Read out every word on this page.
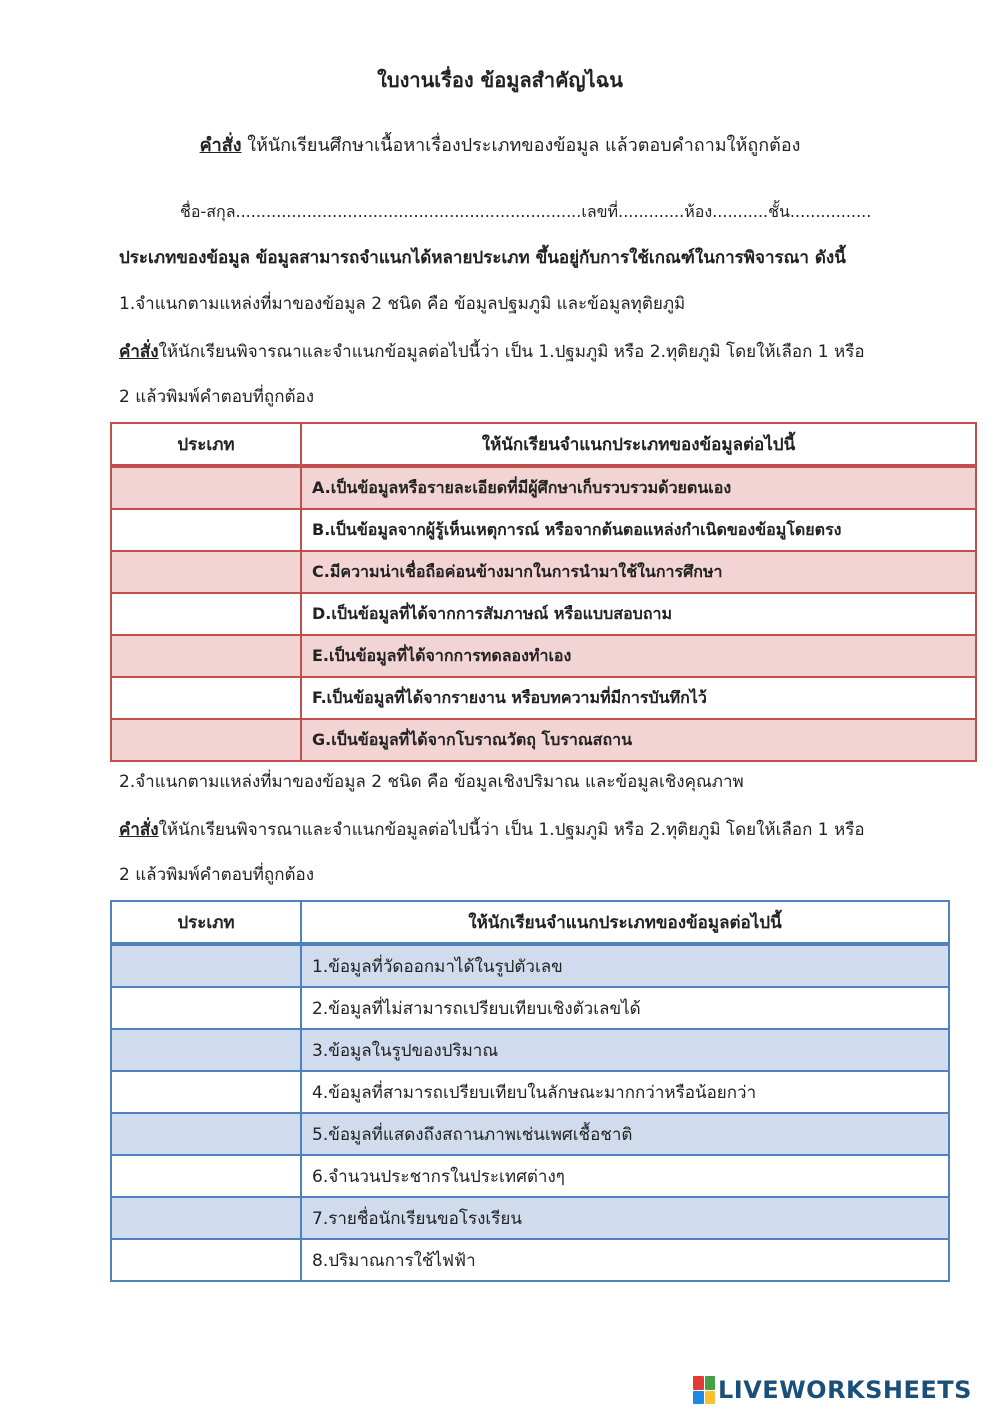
ใบงานเรื่อง ข้อมูลสำคัญไฉน
คำสั่ง ให้นักเรียนศึกษาเนื้อหาเรื่องประเภทของข้อมูล แล้วตอบคำถามให้ถูกต้อง
ชื่อ-สกุล....................................................................เลขที่.............ห้อง...........ชั้น................
ประเภทของข้อมูล ข้อมูลสามารถจำแนกได้หลายประเภท ขึ้นอยู่กับการใช้เกณฑ์ในการพิจารณา ดังนี้
1.จำแนกตามแหล่งที่มาของข้อมูล 2 ชนิด คือ ข้อมูลปฐมภูมิ และข้อมูลทุติยภูมิ
คำสั่งให้นักเรียนพิจารณาและจำแนกข้อมูลต่อไปนี้ว่า เป็น 1.ปฐมภูมิ หรือ 2.ทุติยภูมิ โดยให้เลือก 1 หรือ
2 แล้วพิมพ์คำตอบที่ถูกต้อง
ประเภท	ให้นักเรียนจำแนกประเภทของข้อมูลต่อไปนี้
	A.เป็นข้อมูลหรือรายละเอียดที่มีผู้ศึกษาเก็บรวบรวมด้วยตนเอง
	B.เป็นข้อมูลจากผู้รู้เห็นเหตุการณ์ หรือจากต้นตอแหล่งกำเนิดของข้อมูโดยตรง
	C.มีความน่าเชื่อถือค่อนข้างมากในการนำมาใช้ในการศึกษา
	D.เป็นข้อมูลที่ได้จากการสัมภาษณ์ หรือแบบสอบถาม
	E.เป็นข้อมูลที่ได้จากการทดลองทำเอง
	F.เป็นข้อมูลที่ได้จากรายงาน หรือบทความที่มีการบันทึกไว้
	G.เป็นข้อมูลที่ได้จากโบราณวัตถุ โบราณสถาน
2.จำแนกตามแหล่งที่มาของข้อมูล 2 ชนิด คือ ข้อมูลเชิงปริมาณ และข้อมูลเชิงคุณภาพ
คำสั่งให้นักเรียนพิจารณาและจำแนกข้อมูลต่อไปนี้ว่า เป็น 1.ปฐมภูมิ หรือ 2.ทุติยภูมิ โดยให้เลือก 1 หรือ
2 แล้วพิมพ์คำตอบที่ถูกต้อง
ประเภท	ให้นักเรียนจำแนกประเภทของข้อมูลต่อไปนี้
	1.ข้อมูลที่วัดออกมาได้ในรูปตัวเลข
	2.ข้อมูลที่ไม่สามารถเปรียบเทียบเชิงตัวเลขได้
	3.ข้อมูลในรูปของปริมาณ
	4.ข้อมูลที่สามารถเปรียบเทียบในลักษณะมากกว่าหรือน้อยกว่า
	5.ข้อมูลที่แสดงถึงสถานภาพเช่นเพศเชื้อชาติ
	6.จำนวนประชากรในประเทศต่างๆ
	7.รายชื่อนักเรียนขอโรงเรียน
	8.ปริมาณการใช้ไฟฟ้า
LIVEWORKSHEETS
